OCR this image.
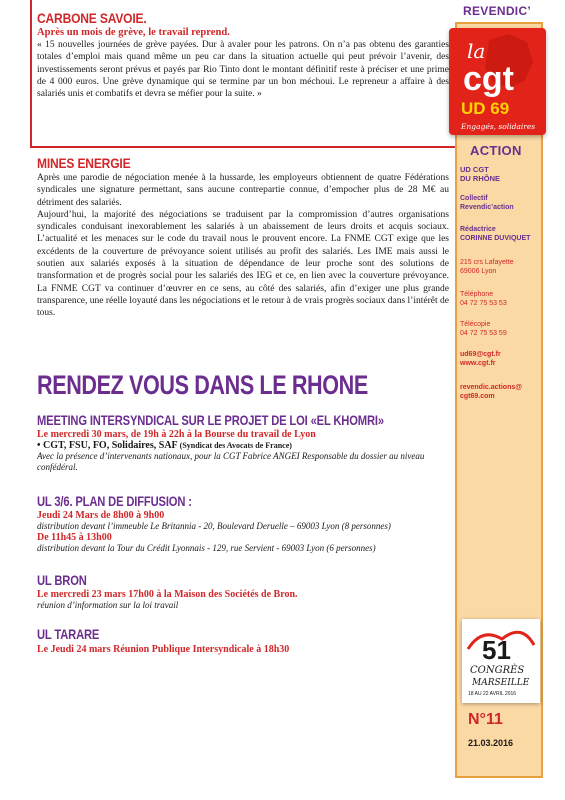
CARBONE SAVOIE.
Après un mois de grève, le travail reprend.

« 15 nouvelles journées de grève payées. Dur à avaler pour les patrons. On n’a pas obtenu des garanties totales d’emploi mais quand même un peu car dans la situation actuelle qui peut prévoir l’avenir, des investissements seront prévus et payés par Rio Tinto dont le montant définitif reste à préciser et une prime de 4 000 euros. Une grève dynamique qui se termine par un bon méchoui. Le repreneur a affaire à des salariés unis et combatifs et devra se méfier pour la suite. »

MINES ENERGIE

Après une parodie de négociation menée à la hussarde, les employeurs obtiennent de quatre Fédérations syndicales une signature permettant, sans aucune contrepartie connue, d’empocher plus de 28 M€ au détriment des salariés.

Aujourd’hui, la majorité des négociations se traduisent par la compromission d’autres organisations syndicales conduisant inexorablement les salariés à un abaissement de leurs droits et acquis sociaux. L’actualité et les menaces sur le code du travail nous le prouvent encore. La FNME CGT exige que les excédents de la couverture de prévoyance soient utilisés au profit des salariés. Les IME mais aussi le soutien aux salariés exposés à la situation de dépendance de leur proche sont des solutions de transformation et de progrès social pour les salariés des IEG et ce, en lien avec la couverture prévoyance. La FNME CGT va continuer d’œuvrer en ce sens, au côté des salariés, afin d’exiger une plus grande transparence, une réelle loyauté dans les négociations et le retour à de vrais progrès sociaux dans l’intérêt de tous.

RENDEZ VOUS DANS LE RHONE
MEETING INTERSYNDICAL SUR LE PROJET DE LOI «EL KHOMRI»
Le mercredi 30 mars, de 19h à 22h à la Bourse du travail de Lyon
• CGT, FSU, FO, Solidaires, SAF (Syndicat des Avocats de France)
Avec la présence d’intervenants nationaux, pour la CGT Fabrice ANGEI Responsable du dossier au niveau confédéral.
UL 3/6. PLAN DE DIFFUSION :
Jeudi 24 Mars de 8h00 à 9h00
distribution devant l’immeuble Le Britannia - 20, Boulevard Deruelle – 69003 Lyon (8 personnes)
De 11h45 à 13h00
distribution devant la Tour du Crédit Lyonnais - 129, rue Servient - 69003 Lyon (6 personnes)
UL BRON
Le mercredi 23 mars 17h00 à la Maison des Sociétés de Bron.
réunion d’information sur la loi travail
UL TARARE
Le Jeudi 24 mars Réunion Publique Intersyndicale à 18h30
REVENDIC’
la
cgt
UD 69
Engagés, solidaires
ACTION
UD CGT
DU RHÔNE
Collectif
Revendic’action
Rédactrice
CORINNE DUVIQUET
215 crs Lafayette
69006 Lyon
Téléphone
04 72 75 53 53
Télécopie
04 72 75 53 59
ud69@cgt.fr
www.cgt.fr
revendic.actions@
cgt69.com
51
CONGRÈS
MARSEILLE
18 AU 22 AVRIL 2016
N°11
21.03.2016
